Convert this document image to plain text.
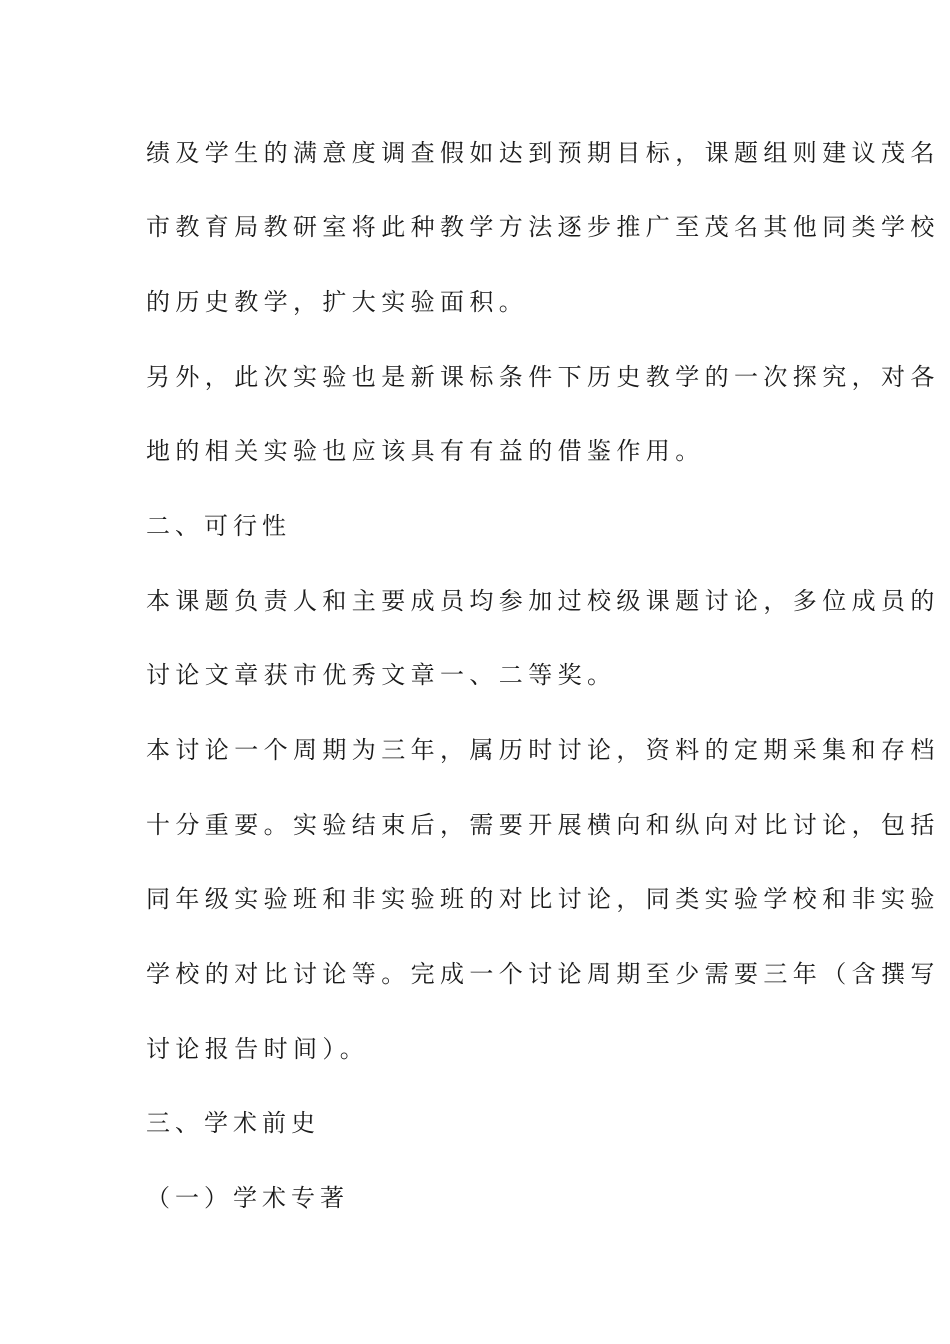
绩及学生的满意度调查假如达到预期目标，课题组则建议茂名
市教育局教研室将此种教学方法逐步推广至茂名其他同类学校
的历史教学，扩大实验面积。
另外，此次实验也是新课标条件下历史教学的一次探究，对各
地的相关实验也应该具有有益的借鉴作用。
二、可行性
本课题负责人和主要成员均参加过校级课题讨论，多位成员的
讨论文章获市优秀文章一、二等奖。
本讨论一个周期为三年，属历时讨论，资料的定期采集和存档
十分重要。实验结束后，需要开展横向和纵向对比讨论，包括
同年级实验班和非实验班的对比讨论，同类实验学校和非实验
学校的对比讨论等。完成一个讨论周期至少需要三年（含撰写
讨论报告时间）。
三、学术前史
（一）学术专著
